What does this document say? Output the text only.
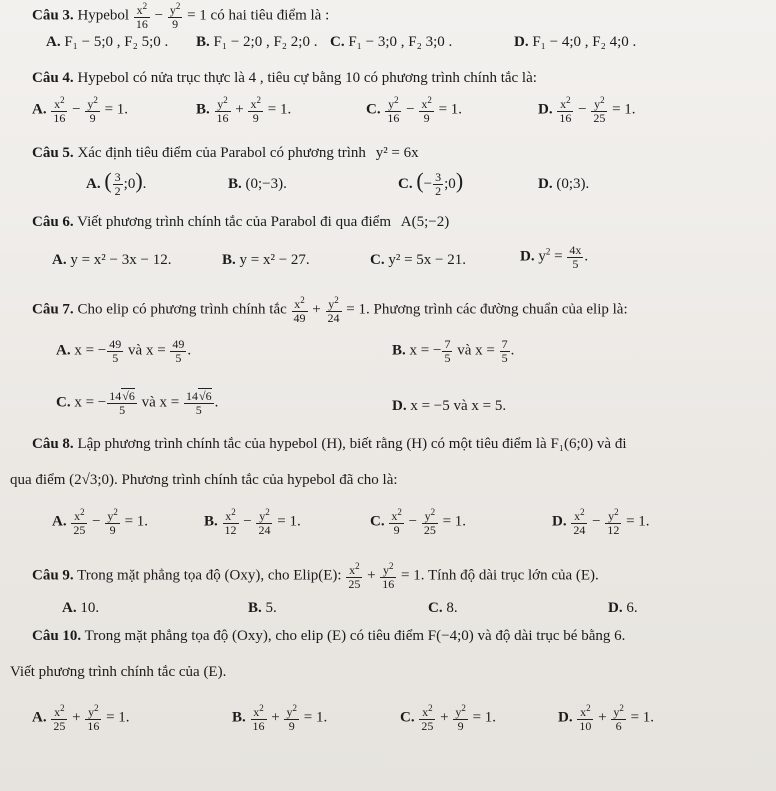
Câu 3. Hypebol $\frac{x^2}{16} - \frac{y^2}{9} = 1$ có hai tiêu điểm là :
A. F₁ − 5;0 , F₂ 5;0 . B. F₁ − 2;0 , F₂ 2;0 . C. F₁ − 3;0 , F₂ 3;0 .	D. F₁ − 4;0 , F₂ 4;0 .
Câu 4. Hypebol có nửa trục thực là 4 , tiêu cự bằng 10 có phương trình chính tắc là:
A. $\frac{x^2}{16} - \frac{y^2}{9} = 1$.	B. $\frac{y^2}{16} + \frac{x^2}{9} = 1$.	C. $\frac{y^2}{16} - \frac{x^2}{9} = 1$.	D. $\frac{x^2}{16} - \frac{y^2}{25} = 1$.
Câu 5. Xác định tiêu điểm của Parabol có phương trình y² = 6x
A. ( $\frac{3}{2}$ ;0).	B. (0;−3).	C. (− $\frac{3}{2}$ ;0)	D. (0;3).
Câu 6. Viết phương trình chính tắc của Parabol đi qua điểm A(5;−2)
A. y = x² − 3x − 12.	B. y = x² − 27.	C. y² = 5x − 21.	D. $y^2 = \frac{4x}{5}$ .
Câu 7. Cho elip có phương trình chính tắc $\frac{x^2}{49} + \frac{y^2}{24} = 1$. Phương trình các đường chuẩn của elip là:
A. x = − $\frac{49}{5}$ và $x = \frac{49}{5}$ .	B. x = − $\frac{7}{5}$ và $x = \frac{7}{5}$ .
C. x = − $\frac{14√6}{5}$ và $x = \frac{14√6}{5}$ .	D. x = −5 và x = 5.
Câu 8. Lập phương trình chính tắc của hypebol (H), biết rằng (H) có một tiêu điểm là F₁(6;0) và đi
qua điểm (2√3;0). Phương trình chính tắc của hypebol đã cho là:
A. $\frac{x^2}{25} - \frac{y^2}{9} = 1$.	B. $\frac{x^2}{12} - \frac{y^2}{24} = 1$.	C. $\frac{x^2}{9} - \frac{y^2}{25} = 1$.	D. $\frac{x^2}{24} - \frac{y^2}{12} = 1$.
Câu 9. Trong mặt phẳng tọa độ (Oxy), cho Elip(E): $\frac{x^2}{25} + \frac{y^2}{16} = 1$. Tính độ dài trục lớn của (E).
A. 10.	B. 5.	C. 8.	D. 6.
Câu 10. Trong mặt phẳng tọa độ (Oxy), cho elip (E) có tiêu điểm F(−4;0) và độ dài trục bé bằng 6.
Viết phương trình chính tắc của (E).
A. $\frac{x^2}{25} + \frac{y^2}{16} = 1$.	B. $\frac{x^2}{16} + \frac{y^2}{9} = 1$.	C. $\frac{x^2}{25} + \frac{y^2}{9} = 1$.	D. $\frac{x^2}{10} + \frac{y^2}{6} = 1$.
